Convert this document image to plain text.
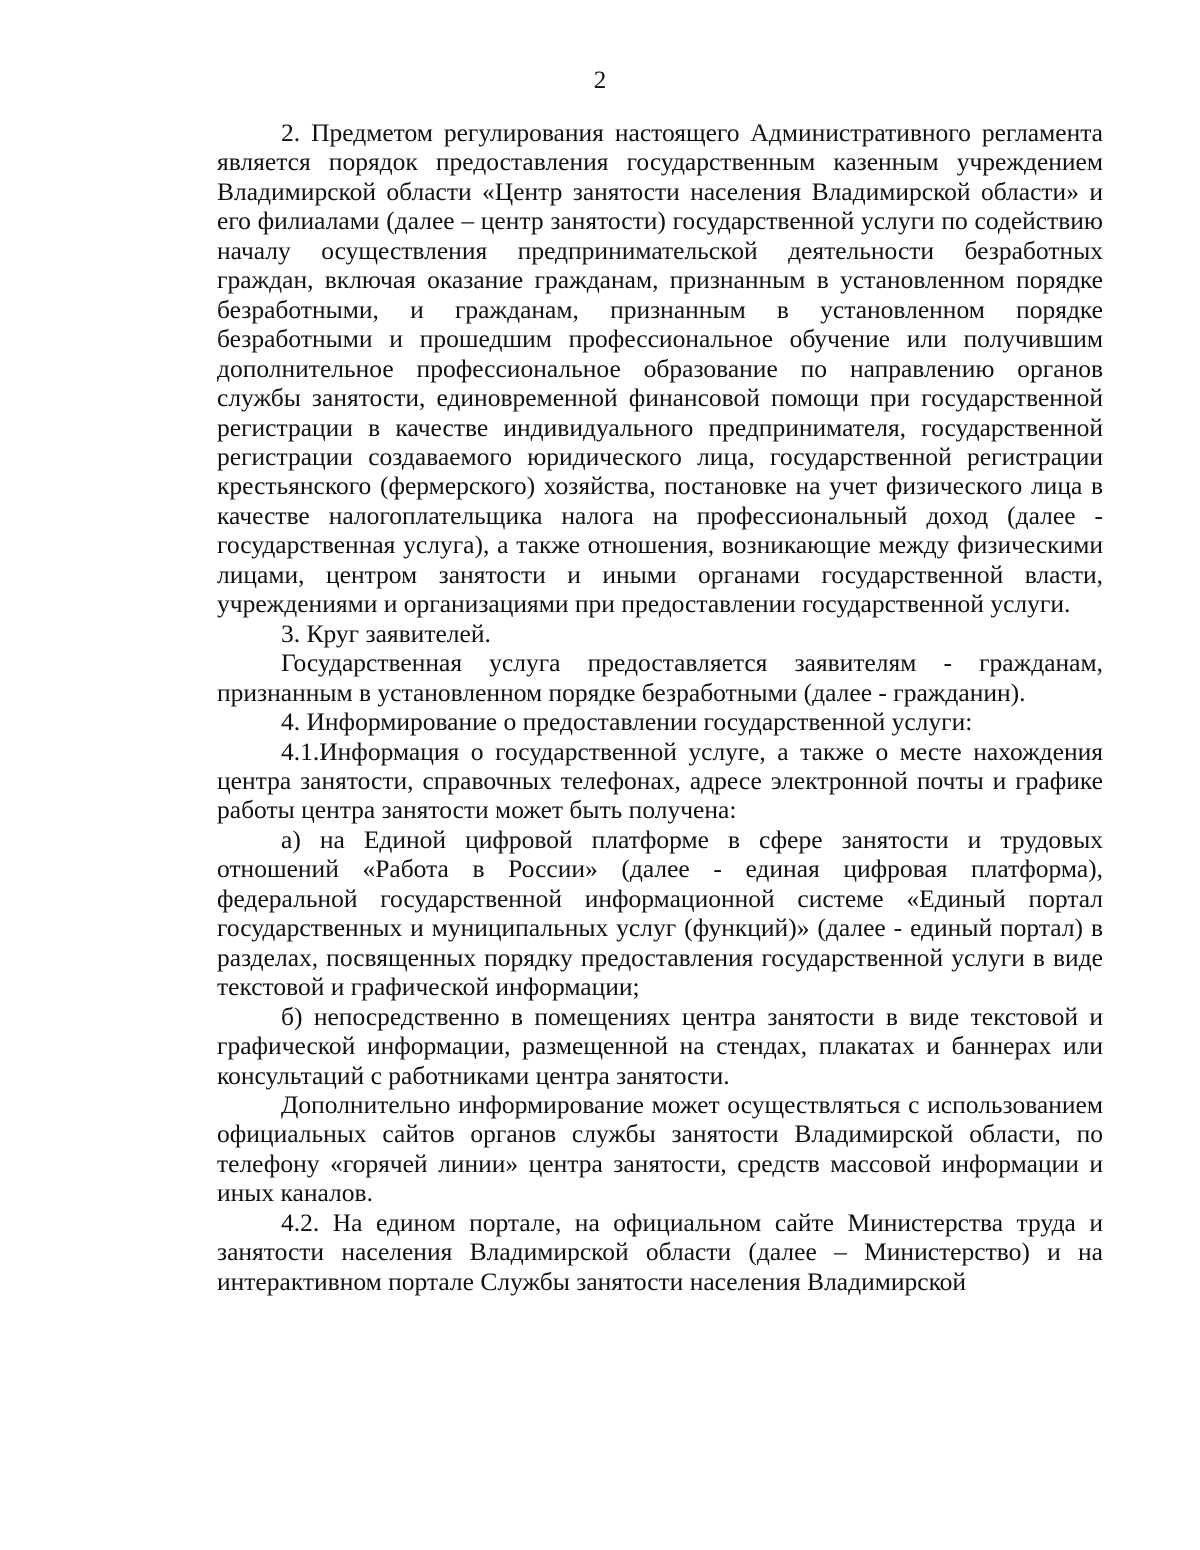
2

2. Предметом регулирования настоящего Административного регламента является порядок предоставления государственным казенным учреждением Владимирской области «Центр занятости населения Владимирской области» и его филиалами (далее – центр занятости) государственной услуги по содействию началу осуществления предпринимательской деятельности безработных граждан, включая оказание гражданам, признанным в установленном порядке безработными, и гражданам, признанным в установленном порядке безработными и прошедшим профессиональное обучение или получившим дополнительное профессиональное образование по направлению органов службы занятости, единовременной финансовой помощи при государственной регистрации в качестве индивидуального предпринимателя, государственной регистрации создаваемого юридического лица, государственной регистрации крестьянского (фермерского) хозяйства, постановке на учет физического лица в качестве налогоплательщика налога на профессиональный доход (далее - государственная услуга), а также отношения, возникающие между физическими лицами, центром занятости и иными органами государственной власти, учреждениями и организациями при предоставлении государственной услуги.

3. Круг заявителей.

Государственная услуга предоставляется заявителям - гражданам, признанным в установленном порядке безработными (далее - гражданин).

4. Информирование о предоставлении государственной услуги:

4.1.Информация о государственной услуге, а также о месте нахождения центра занятости, справочных телефонах, адресе электронной почты и графике работы центра занятости может быть получена:

а) на Единой цифровой платформе в сфере занятости и трудовых отношений «Работа в России» (далее - единая цифровая платформа), федеральной государственной информационной системе «Единый портал государственных и муниципальных услуг (функций)» (далее - единый портал) в разделах, посвященных порядку предоставления государственной услуги в виде текстовой и графической информации;

б) непосредственно в помещениях центра занятости в виде текстовой и графической информации, размещенной на стендах, плакатах и баннерах или консультаций с работниками центра занятости.

Дополнительно информирование может осуществляться с использованием официальных сайтов органов службы занятости Владимирской области, по телефону «горячей линии» центра занятости, средств массовой информации и иных каналов.

4.2. На едином портале, на официальном сайте Министерства труда и занятости населения Владимирской области (далее – Министерство) и на интерактивном портале Службы занятости населения Владимирской
